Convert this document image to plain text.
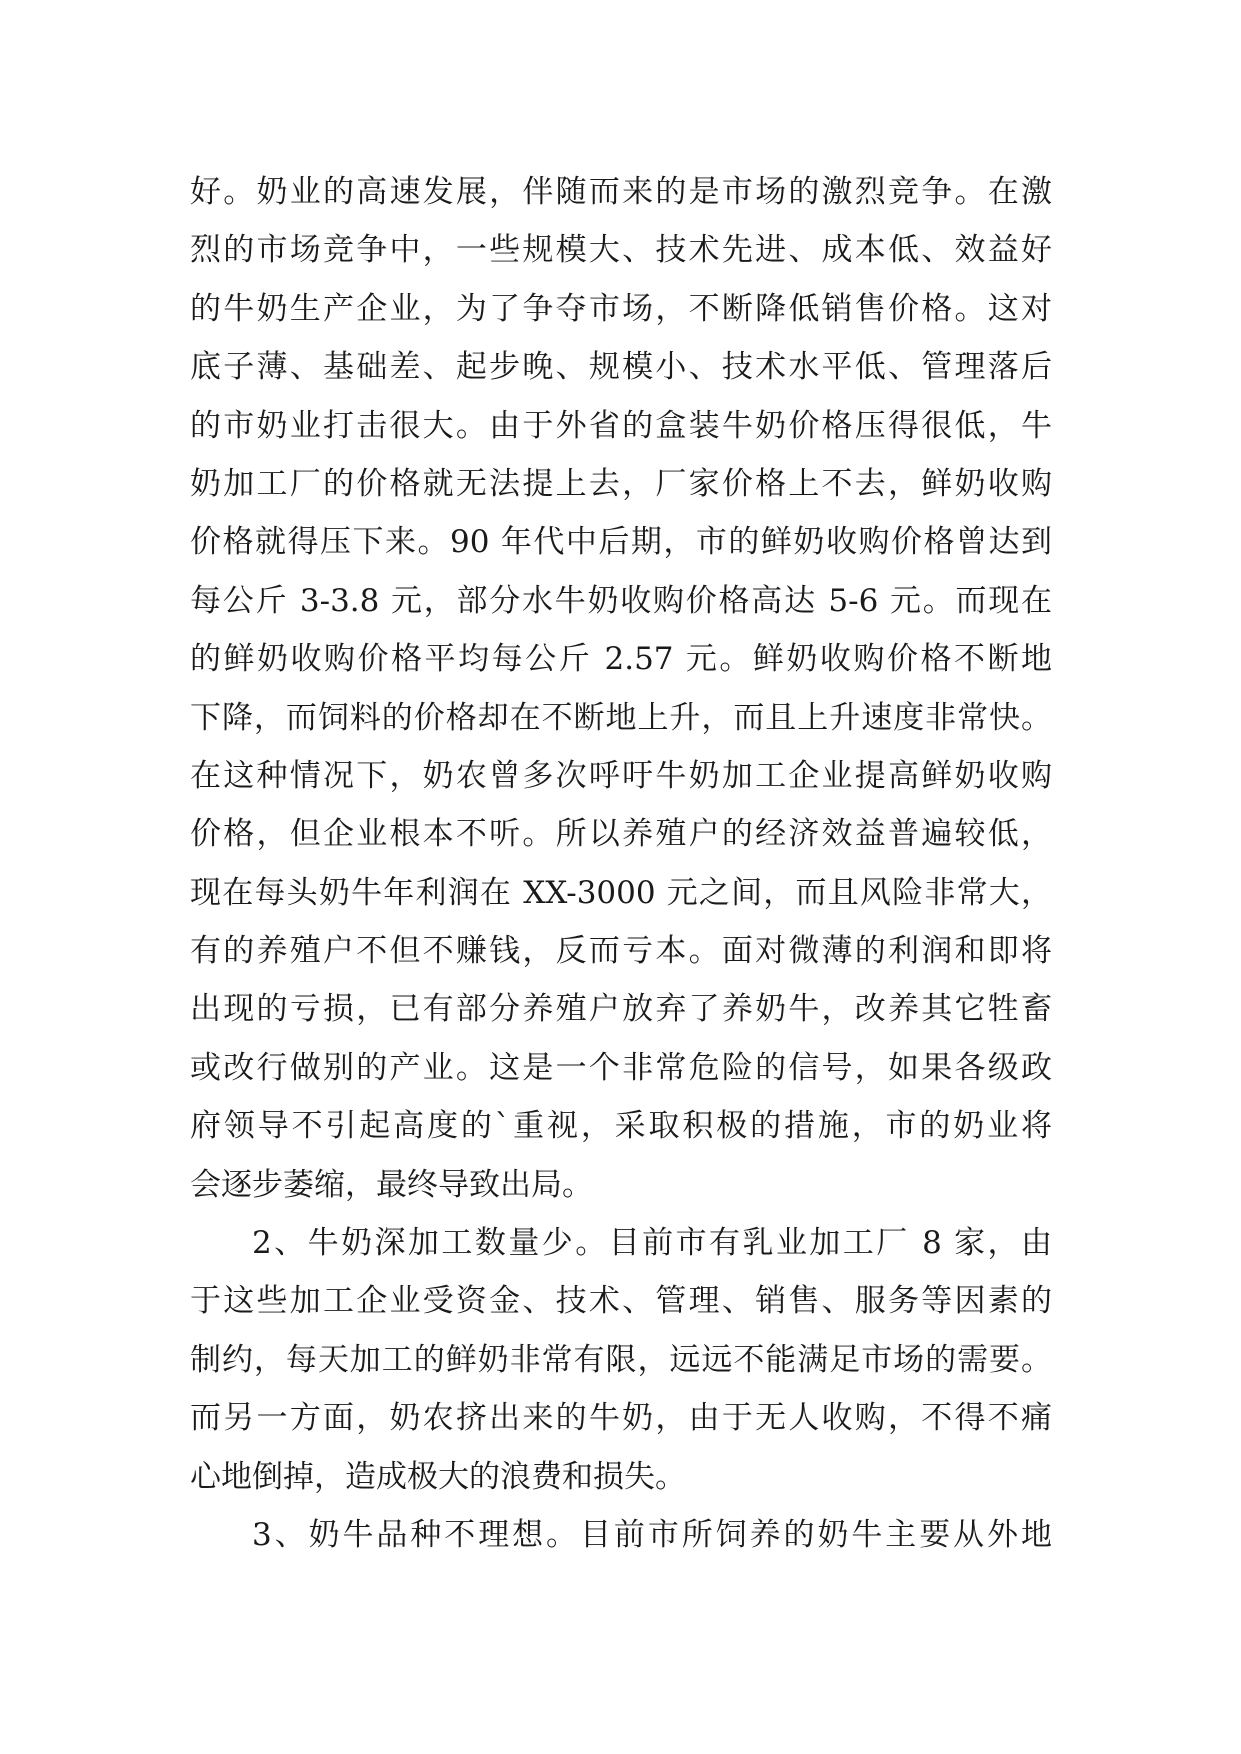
好。奶业的高速发展，伴随而来的是市场的激烈竞争。在激
烈的市场竞争中，一些规模大、技术先进、成本低、效益好
的牛奶生产企业，为了争夺市场，不断降低销售价格。这对
底子薄、基础差、起步晚、规模小、技术水平低、管理落后
的市奶业打击很大。由于外省的盒装牛奶价格压得很低，牛
奶加工厂的价格就无法提上去，厂家价格上不去，鲜奶收购
价格就得压下来。90 年代中后期，市的鲜奶收购价格曾达到
每公斤 3-3.8 元，部分水牛奶收购价格高达 5-6 元。而现在
的鲜奶收购价格平均每公斤 2.57 元。鲜奶收购价格不断地
下降，而饲料的价格却在不断地上升，而且上升速度非常快。
在这种情况下，奶农曾多次呼吁牛奶加工企业提高鲜奶收购
价格，但企业根本不听。所以养殖户的经济效益普遍较低，
现在每头奶牛年利润在 XX-3000 元之间，而且风险非常大，
有的养殖户不但不赚钱，反而亏本。面对微薄的利润和即将
出现的亏损，已有部分养殖户放弃了养奶牛，改养其它牲畜
或改行做别的产业。这是一个非常危险的信号，如果各级政
府领导不引起高度的`重视，采取积极的措施，市的奶业将
会逐步萎缩，最终导致出局。
2、牛奶深加工数量少。目前市有乳业加工厂 8 家，由
于这些加工企业受资金、技术、管理、销售、服务等因素的
制约，每天加工的鲜奶非常有限，远远不能满足市场的需要。
而另一方面，奶农挤出来的牛奶，由于无人收购，不得不痛
心地倒掉，造成极大的浪费和损失。
3、奶牛品种不理想。目前市所饲养的奶牛主要从外地
